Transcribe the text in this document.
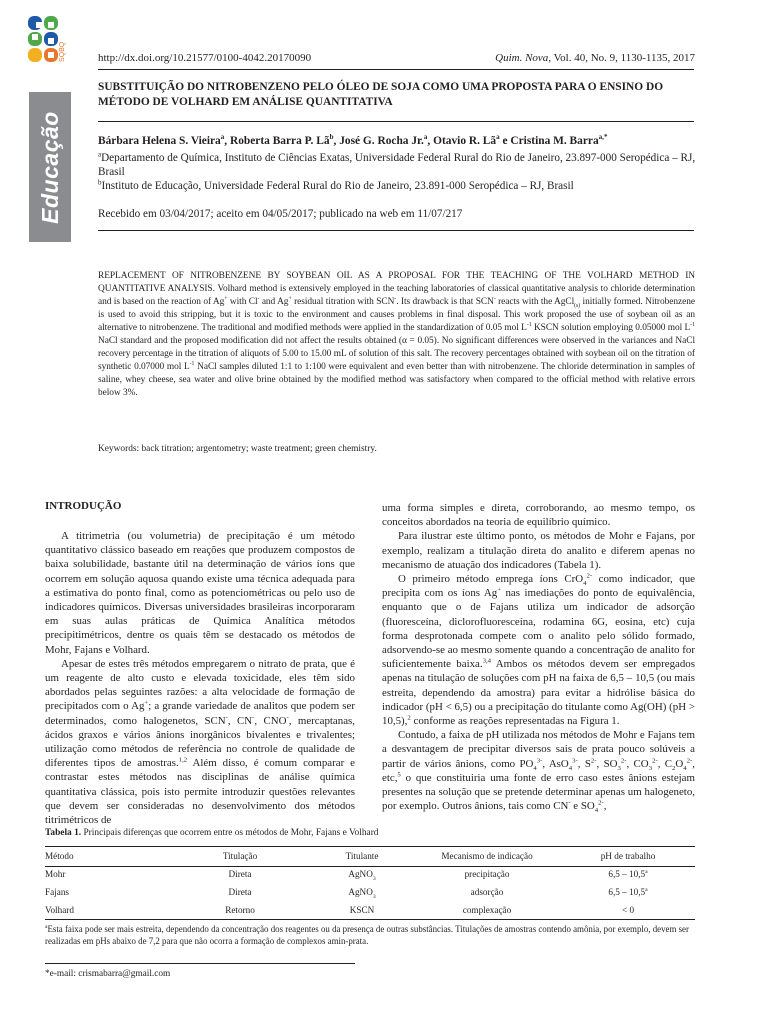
SQBQ
Educação
http://dx.doi.org/10.21577/0100-4042.20170090	Quim. Nova, Vol. 40, No. 9, 1130-1135, 2017
SUBSTITUIÇÃO DO NITROBENZENO PELO ÓLEO DE SOJA COMO UMA PROPOSTA PARA O ENSINO DO MÉTODO DE VOLHARD EM ANÁLISE QUANTITATIVA
Bárbara Helena S. Vieira$^a$, Roberta Barra P. $Lã^b$, José G. Rocha Jr.$^a$, Otavio R. $Lã^a$ e Cristina M. Barra$^{a,*}$
$^a$Departamento de Química, Instituto de Ciências Exatas, Universidade Federal Rural do Rio de Janeiro, 23.897-000 Seropédica – RJ, Brasil
$^b$Instituto de Educação, Universidade Federal Rural do Rio de Janeiro, 23.891-000 Seropédica – RJ, Brasil
Recebido em 03/04/2017; aceito em 04/05/2017; publicado na web em 11/07/217
REPLACEMENT OF NITROBENZENE BY SOYBEAN OIL AS A PROPOSAL FOR THE TEACHING OF THE VOLHARD METHOD IN QUANTITATIVE ANALYSIS. Volhard method is extensively employed in the teaching laboratories of classical quantitative analysis to chloride determination and is based on the reaction of Ag+ with Cl- and Ag+ residual titration with SCN-. Its drawback is that SCN- reacts with the AgCl$_{(s)}$ initially formed. Nitrobenzene is used to avoid this stripping, but it is toxic to the environment and causes problems in final disposal. This work proposed the use of soybean oil as an alternative to nitrobenzene. The traditional and modified methods were applied in the standardization of 0.05 mol $L^{-1}$ KSCN solution employing 0.05000 mol $L^{-1}$ NaCl standard and the proposed modification did not affect the results obtained (α = 0.05). No significant differences were observed in the variances and NaCl recovery percentage in the titration of aliquots of 5.00 to 15.00 mL of solution of this salt. The recovery percentages obtained with soybean oil on the titration of synthetic 0.07000 mol $L^{-1}$ NaCl samples diluted 1:1 to 1:100 were equivalent and even better than with nitrobenzene. The chloride determination in samples of saline, whey cheese, sea water and olive brine obtained by the modified method was satisfactory when compared to the official method with relative errors below 3%.
Keywords: back titration; argentometry; waste treatment; green chemistry.
INTRODUÇÃO

A titrimetria (ou volumetria) de precipitação é um método quantitativo clássico baseado em reações que produzem compostos de baixa solubilidade, bastante útil na determinação de vários íons que ocorrem em solução aquosa quando existe uma técnica adequada para a estimativa do ponto final, como as potenciométricas ou pelo uso de indicadores químicos. Diversas universidades brasileiras incorporaram em suas aulas práticas de Química Analítica métodos precipitimétricos, dentre os quais têm se destacado os métodos de Mohr, Fajans e Volhard.

Apesar de estes três métodos empregarem o nitrato de prata, que é um reagente de alto custo e elevada toxicidade, eles têm sido abordados pelas seguintes razões: a alta velocidade de formação de precipitados com o Ag+; a grande variedade de analitos que podem ser determinados, como halogenetos, SCN-, CN-, CNO-, mercaptanas, ácidos graxos e vários ânions inorgânicos bivalentes e trivalentes; utilização como métodos de referência no controle de qualidade de diferentes tipos de amostras.$^{1,2}$ Além disso, é comum comparar e contrastar estes métodos nas disciplinas de análise química quantitativa clássica, pois isto permite introduzir questões relevantes que devem ser consideradas no desenvolvimento dos métodos titrimétricos de

uma forma simples e direta, corroborando, ao mesmo tempo, os conceitos abordados na teoria de equilíbrio químico.

Para ilustrar este último ponto, os métodos de Mohr e Fajans, por exemplo, realizam a titulação direta do analito e diferem apenas no mecanismo de atuação dos indicadores (Tabela 1).

O primeiro método emprega íons CrO$_4^{2-}$ como indicador, que precipita com os íons Ag+ nas imediações do ponto de equivalência, enquanto que o de Fajans utiliza um indicador de adsorção (fluoresceína, diclorofluoresceína, rodamina 6G, eosina, etc) cuja forma desprotonada compete com o analito pelo sólido formado, adsorvendo-se ao mesmo somente quando a concentração de analito for suficientemente baixa.$^{3,4}$ Ambos os métodos devem ser empregados apenas na titulação de soluções com pH na faixa de 6,5 – 10,5 (ou mais estreita, dependendo da amostra) para evitar a hidrólise básica do indicador (pH < 6,5) ou a precipitação do titulante como Ag(OH) (pH > 10,5),$^2$ conforme as reações representadas na Figura 1.

Contudo, a faixa de pH utilizada nos métodos de Mohr e Fajans tem a desvantagem de precipitar diversos sais de prata pouco solúveis a partir de vários ânions, como $PO_4^{3-}$, AsO$_4^{3-}$, $S^{2-}$, $SO_3^{2-}$, $CO_3^{2-}$, $C_2O_4^{2-}$, etc,$^5$ o que constituiria uma fonte de erro caso estes ânions estejam presentes na solução que se pretende determinar apenas um halogeneto, por exemplo. Outros ânions, tais como CN- e $SO_4^{2-}$,

Tabela 1. Principais diferenças que ocorrem entre os métodos de Mohr, Fajans e Volhard
Método	Titulação	Titulante	Mecanismo de indicação	pH de trabalho
Mohr	Direta	AgNO$_3$	precipitação	6,5 – 10,5$^a$
Fajans	Direta	AgNO$_3$	adsorção	6,5 – 10,5$^a$
Volhard	Retorno	KSCN	complexação	< 0
$^a$Esta faixa pode ser mais estreita, dependendo da concentração dos reagentes ou da presença de outras substâncias. Titulações de amostras contendo amônia, por exemplo, devem ser realizadas em pHs abaixo de 7,2 para que não ocorra a formação de complexos amin-prata.
*e-mail: crismabarra@gmail.com
